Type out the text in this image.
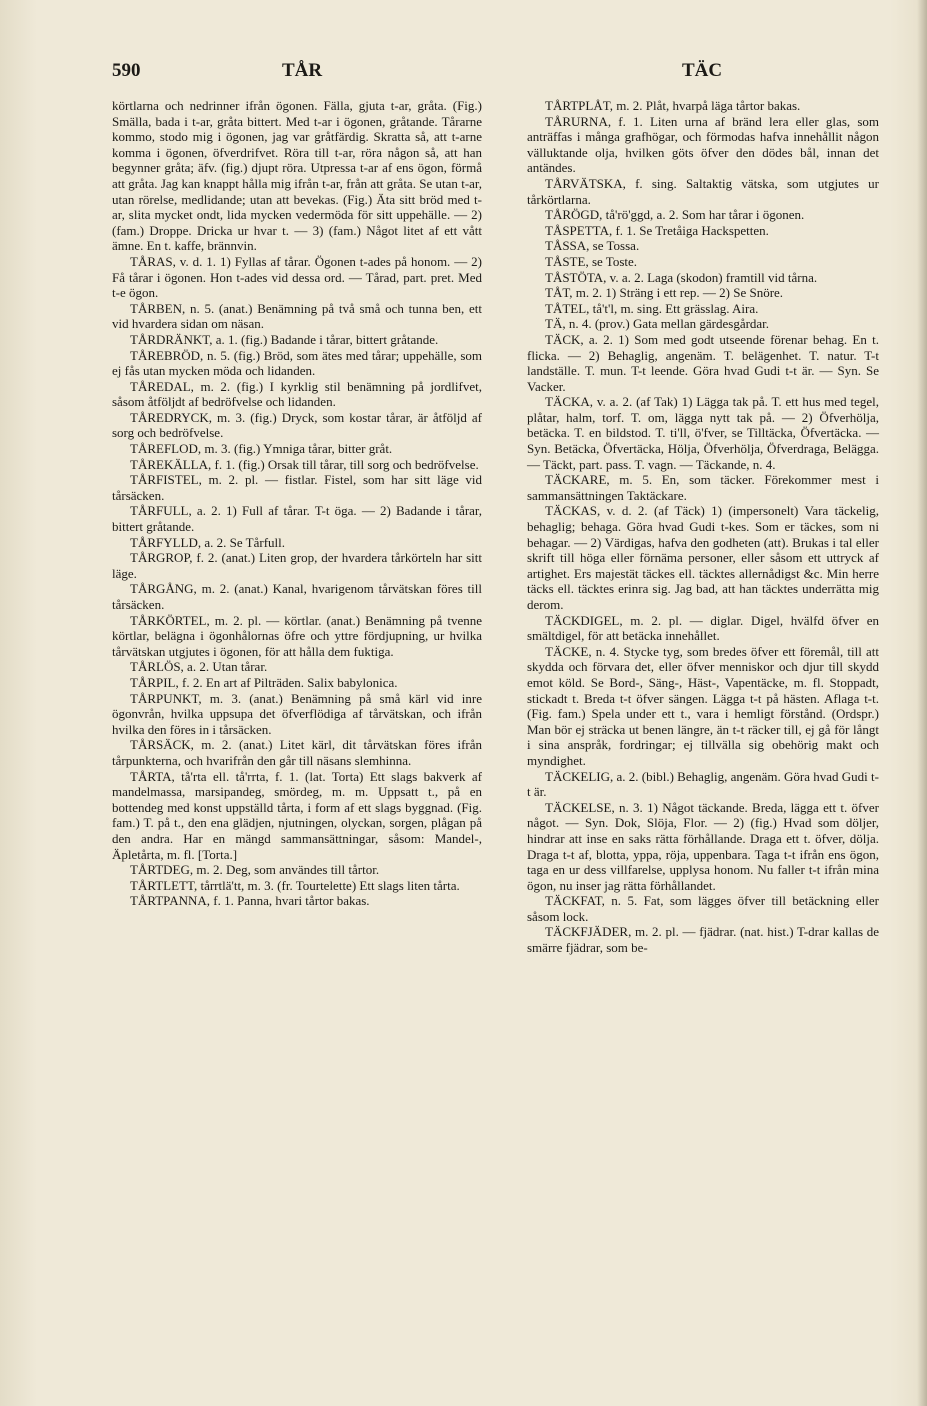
590	TÅR	TÄC

körtlarna och nedrinner ifrån ögonen. Fälla, gjuta t-ar, gråta. (Fig.) Smälla, bada i t-ar, gråta bittert. Med t-ar i ögonen, gråtande. Tårarne kommo, stodo mig i ögonen, jag var gråtfärdig. Skratta så, att t-arne komma i ögonen, öfverdrifvet. Röra till t-ar, röra någon så, att han begynner gråta; äfv. (fig.) djupt röra. Utpressa t-ar af ens ögon, förmå att gråta. Jag kan knappt hålla mig ifrån t-ar, från att gråta. Se utan t-ar, utan rörelse, medlidande; utan att bevekas. (Fig.) Äta sitt bröd med t-ar, slita mycket ondt, lida mycken vedermöda för sitt uppehälle. — 2) (fam.) Droppe. Dricka ur hvar t. — 3) (fam.) Något litet af ett vått ämne. En t. kaffe, brännvin.

TÅRAS, v. d. 1. 1) Fyllas af tårar. Ögonen t-ades på honom. — 2) Få tårar i ögonen. Hon t-ades vid dessa ord. — Tårad, part. pret. Med t-e ögon.

TÅRBEN, n. 5. (anat.) Benämning på två små och tunna ben, ett vid hvardera sidan om näsan.

TÅRDRÄNKT, a. 1. (fig.) Badande i tårar, bittert gråtande.

TÅREBRÖD, n. 5. (fig.) Bröd, som ätes med tårar; uppehälle, som ej fås utan mycken möda och lidanden.

TÅREDAL, m. 2. (fig.) I kyrklig stil benämning på jordlifvet, såsom åtföljdt af bedröfvelse och lidanden.

TÅREDRYCK, m. 3. (fig.) Dryck, som kostar tårar, är åtföljd af sorg och bedröfvelse.

TÅREFLOD, m. 3. (fig.) Ymniga tårar, bitter gråt.

TÅREKÄLLA, f. 1. (fig.) Orsak till tårar, till sorg och bedröfvelse.

TÅRFISTEL, m. 2. pl. — fistlar. Fistel, som har sitt läge vid tårsäcken.

TÅRFULL, a. 2. 1) Full af tårar. T-t öga. — 2) Badande i tårar, bittert gråtande.

TÅRFYLLD, a. 2. Se Tårfull.

TÅRGROP, f. 2. (anat.) Liten grop, der hvardera tårkörteln har sitt läge.

TÅRGÅNG, m. 2. (anat.) Kanal, hvarigenom tårvätskan föres till tårsäcken.

TÅRKÖRTEL, m. 2. pl. — körtlar. (anat.) Benämning på tvenne körtlar, belägna i ögonhålornas öfre och yttre fördjupning, ur hvilka tårvätskan utgjutes i ögonen, för att hålla dem fuktiga.

TÅRLÖS, a. 2. Utan tårar.

TÅRPIL, f. 2. En art af Pilträden. Salix babylonica.

TÅRPUNKT, m. 3. (anat.) Benämning på små kärl vid inre ögonvrån, hvilka uppsupa det öfverflödiga af tårvätskan, och ifrån hvilka den föres in i tårsäcken.

TÅRSÄCK, m. 2. (anat.) Litet kärl, dit tårvätskan föres ifrån tårpunkterna, och hvarifrån den går till näsans slemhinna.

TÅRTA, tå'rta ell. tå'rrta, f. 1. (lat. Torta) Ett slags bakverk af mandelmassa, marsipandeg, smördeg, m. m. Uppsatt t., på en bottendeg med konst uppställd tårta, i form af ett slags byggnad. (Fig. fam.) T. på t., den ena glädjen, njutningen, olyckan, sorgen, plågan på den andra. Har en mängd sammansättningar, såsom: Mandel-, Äpletårta, m. fl. [Torta.]

TÅRTDEG, m. 2. Deg, som användes till tårtor.

TÅRTLETT, tårrtlä'tt, m. 3. (fr. Tourtelette) Ett slags liten tårta.

TÅRTPANNA, f. 1. Panna, hvari tårtor bakas.

TÅRTPLÅT, m. 2. Plåt, hvarpå läga tårtor bakas.

TÅRURNA, f. 1. Liten urna af bränd lera eller glas, som anträffas i många grafhögar, och förmodas hafva innehållit någon välluktande olja, hvilken göts öfver den dödes bål, innan det antändes.

TÅRVÄTSKA, f. sing. Saltaktig vätska, som utgjutes ur tårkörtlarna.

TÅRÖGD, tå'rö'ggd, a. 2. Som har tårar i ögonen.

TÅSPETTA, f. 1. Se Tretåiga Hackspetten.

TÅSSA, se Tossa.

TÅSTE, se Toste.

TÅSTÖTA, v. a. 2. Laga (skodon) framtill vid tårna.

TÅT, m. 2. 1) Sträng i ett rep. — 2) Se Snöre.

TÅTEL, tå't'l, m. sing. Ett grässlag. Aira.

TÄ, n. 4. (prov.) Gata mellan gärdesgårdar.

TÄCK, a. 2. 1) Som med godt utseende förenar behag. En t. flicka. — 2) Behaglig, angenäm. T. belägenhet. T. natur. T-t landställe. T. mun. T-t leende. Göra hvad Gudi t-t är. — Syn. Se Vacker.

TÄCKA, v. a. 2. (af Tak) 1) Lägga tak på. T. ett hus med tegel, plåtar, halm, torf. T. om, lägga nytt tak på. — 2) Öfverhölja, betäcka. T. en bildstod. T. ti'll, ö'fver, se Tilltäcka, Öfvertäcka. — Syn. Betäcka, Öfvertäcka, Hölja, Öfverhölja, Öfverdraga, Belägga. — Täckt, part. pass. T. vagn. — Täckande, n. 4.

TÄCKARE, m. 5. En, som täcker. Förekommer mest i sammansättningen Taktäckare.

TÄCKAS, v. d. 2. (af Täck) 1) (impersonelt) Vara täckelig, behaglig; behaga. Göra hvad Gudi t-kes. Som er täckes, som ni behagar. — 2) Värdigas, hafva den godheten (att). Brukas i tal eller skrift till höga eller förnäma personer, eller såsom ett uttryck af artighet. Ers majestät täckes ell. täcktes allernådigst &c. Min herre täcks ell. täcktes erinra sig. Jag bad, att han täcktes underrätta mig derom.

TÄCKDIGEL, m. 2. pl. — diglar. Digel, hvälfd öfver en smältdigel, för att betäcka innehållet.

TÄCKE, n. 4. Stycke tyg, som bredes öfver ett föremål, till att skydda och förvara det, eller öfver menniskor och djur till skydd emot köld. Se Bord-, Säng-, Häst-, Vapentäcke, m. fl. Stoppadt, stickadt t. Breda t-t öfver sängen. Lägga t-t på hästen. Aflaga t-t. (Fig. fam.) Spela under ett t., vara i hemligt förstånd. (Ordspr.) Man bör ej sträcka ut benen längre, än t-t räcker till, ej gå för långt i sina anspråk, fordringar; ej tillvälla sig obehörig makt och myndighet.

TÄCKELIG, a. 2. (bibl.) Behaglig, angenäm. Göra hvad Gudi t-t är.

TÄCKELSE, n. 3. 1) Något täckande. Breda, lägga ett t. öfver något. — Syn. Dok, Slöja, Flor. — 2) (fig.) Hvad som döljer, hindrar att inse en saks rätta förhållande. Draga ett t. öfver, dölja. Draga t-t af, blotta, yppa, röja, uppenbara. Taga t-t ifrån ens ögon, taga en ur dess villfarelse, upplysa honom. Nu faller t-t ifrån mina ögon, nu inser jag rätta förhållandet.

TÄCKFAT, n. 5. Fat, som lägges öfver till betäckning eller såsom lock.

TÄCKFJÄDER, m. 2. pl. — fjädrar. (nat. hist.) T-drar kallas de smärre fjädrar, som be-
